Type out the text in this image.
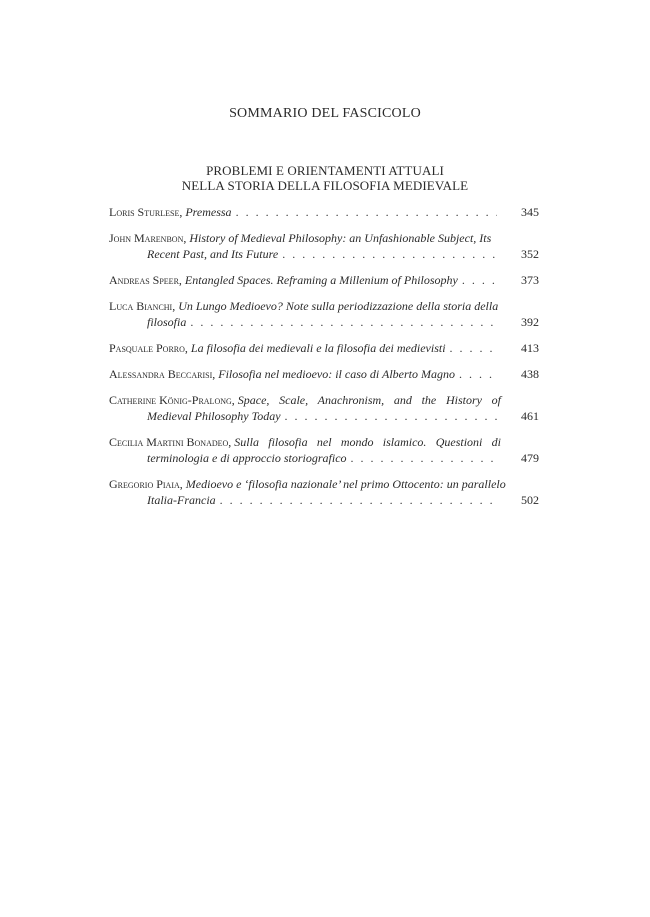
SOMMARIO DEL FASCICOLO
PROBLEMI E ORIENTAMENTI ATTUALI
NELLA STORIA DELLA FILOSOFIA MEDIEVALE
Loris Sturlese, Premessa . . .	345
John Marenbon, History of Medieval Philosophy: an Unfashionable Subject, Its
Recent Past, and Its Future . . .	352
Andreas Speer, Entangled Spaces. Reframing a Millenium of Philosophy . . .	373
Luca Bianchi, Un Lungo Medioevo? Note sulla periodizzazione della storia della
filosofia . . .	392
Pasquale Porro, La filosofia dei medievali e la filosofia dei medievisti . . .	413
Alessandra Beccarisi, Filosofia nel medioevo: il caso di Alberto Magno . . .	438
Catherine König-Pralong , Space, Scale, Anachronism, and the History of
Medieval Philosophy Today . . .	461
Cecilia Martini Bonadeo , Sulla filosofia nel mondo islamico. Questioni di
terminologia e di approccio storiografico . . .	479
Gregorio Piaia, Medioevo e ‘filosofia nazionale’ nel primo Ottocento: un parallelo
Italia-Francia . . .	502
